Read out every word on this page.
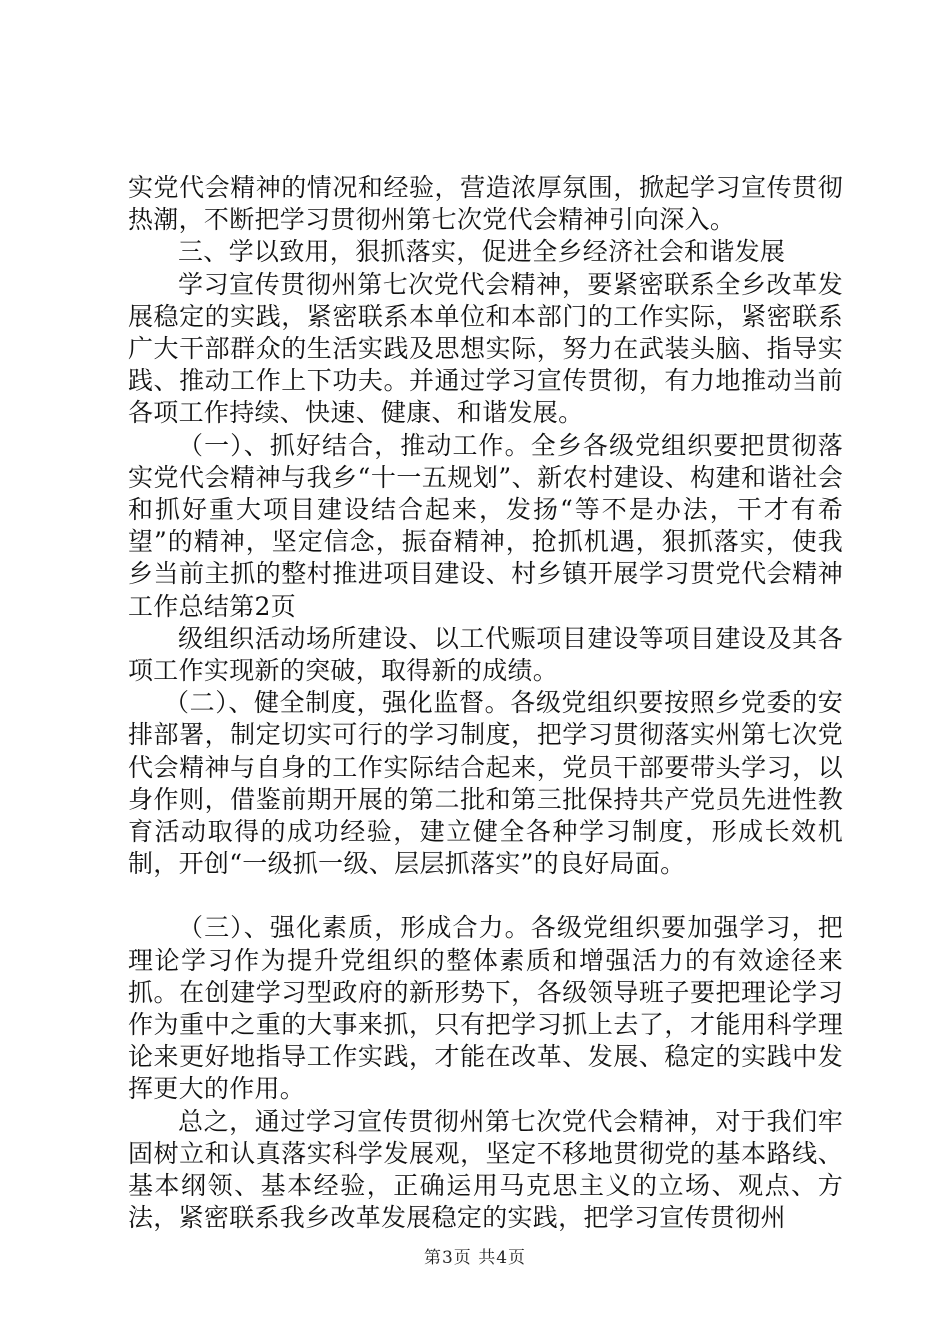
实党代会精神的情况和经验，营造浓厚氛围，掀起学习宣传贯彻热潮，不断把学习贯彻州第七次党代会精神引向深入。

三、学以致用，狠抓落实，促进全乡经济社会和谐发展

学习宣传贯彻州第七次党代会精神，要紧密联系全乡改革发展稳定的实践，紧密联系本单位和本部门的工作实际，紧密联系广大干部群众的生活实践及思想实际，努力在武装头脑、指导实践、推动工作上下功夫。并通过学习宣传贯彻，有力地推动当前各项工作持续、快速、健康、和谐发展。

（一）、抓好结合，推动工作。全乡各级党组织要把贯彻落实党代会精神与我乡“十一五规划”、新农村建设、构建和谐社会和抓好重大项目建设结合起来，发扬“等不是办法，干才有希望”的精神，坚定信念，振奋精神，抢抓机遇，狠抓落实，使我乡当前主抓的整村推进项目建设、村乡镇开展学习贯党代会精神工作总结第2页

级组织活动场所建设、以工代赈项目建设等项目建设及其各项工作实现新的突破，取得新的成绩。

（二）、健全制度，强化监督。各级党组织要按照乡党委的安排部署，制定切实可行的学习制度，把学习贯彻落实州第七次党代会精神与自身的工作实际结合起来，党员干部要带头学习，以身作则，借鉴前期开展的第二批和第三批保持共产党员先进性教育活动取得的成功经验，建立健全各种学习制度，形成长效机制，开创“一级抓一级、层层抓落实”的良好局面。

（三）、强化素质，形成合力。各级党组织要加强学习，把理论学习作为提升党组织的整体素质和增强活力的有效途径来抓。在创建学习型政府的新形势下，各级领导班子要把理论学习作为重中之重的大事来抓，只有把学习抓上去了，才能用科学理论来更好地指导工作实践，才能在改革、发展、稳定的实践中发挥更大的作用。

总之，通过学习宣传贯彻州第七次党代会精神，对于我们牢固树立和认真落实科学发展观，坚定不移地贯彻党的基本路线、基本纲领、基本经验，正确运用马克思主义的立场、观点、方法，紧密联系我乡改革发展稳定的实践，把学习宣传贯彻州

第3页 共4页
